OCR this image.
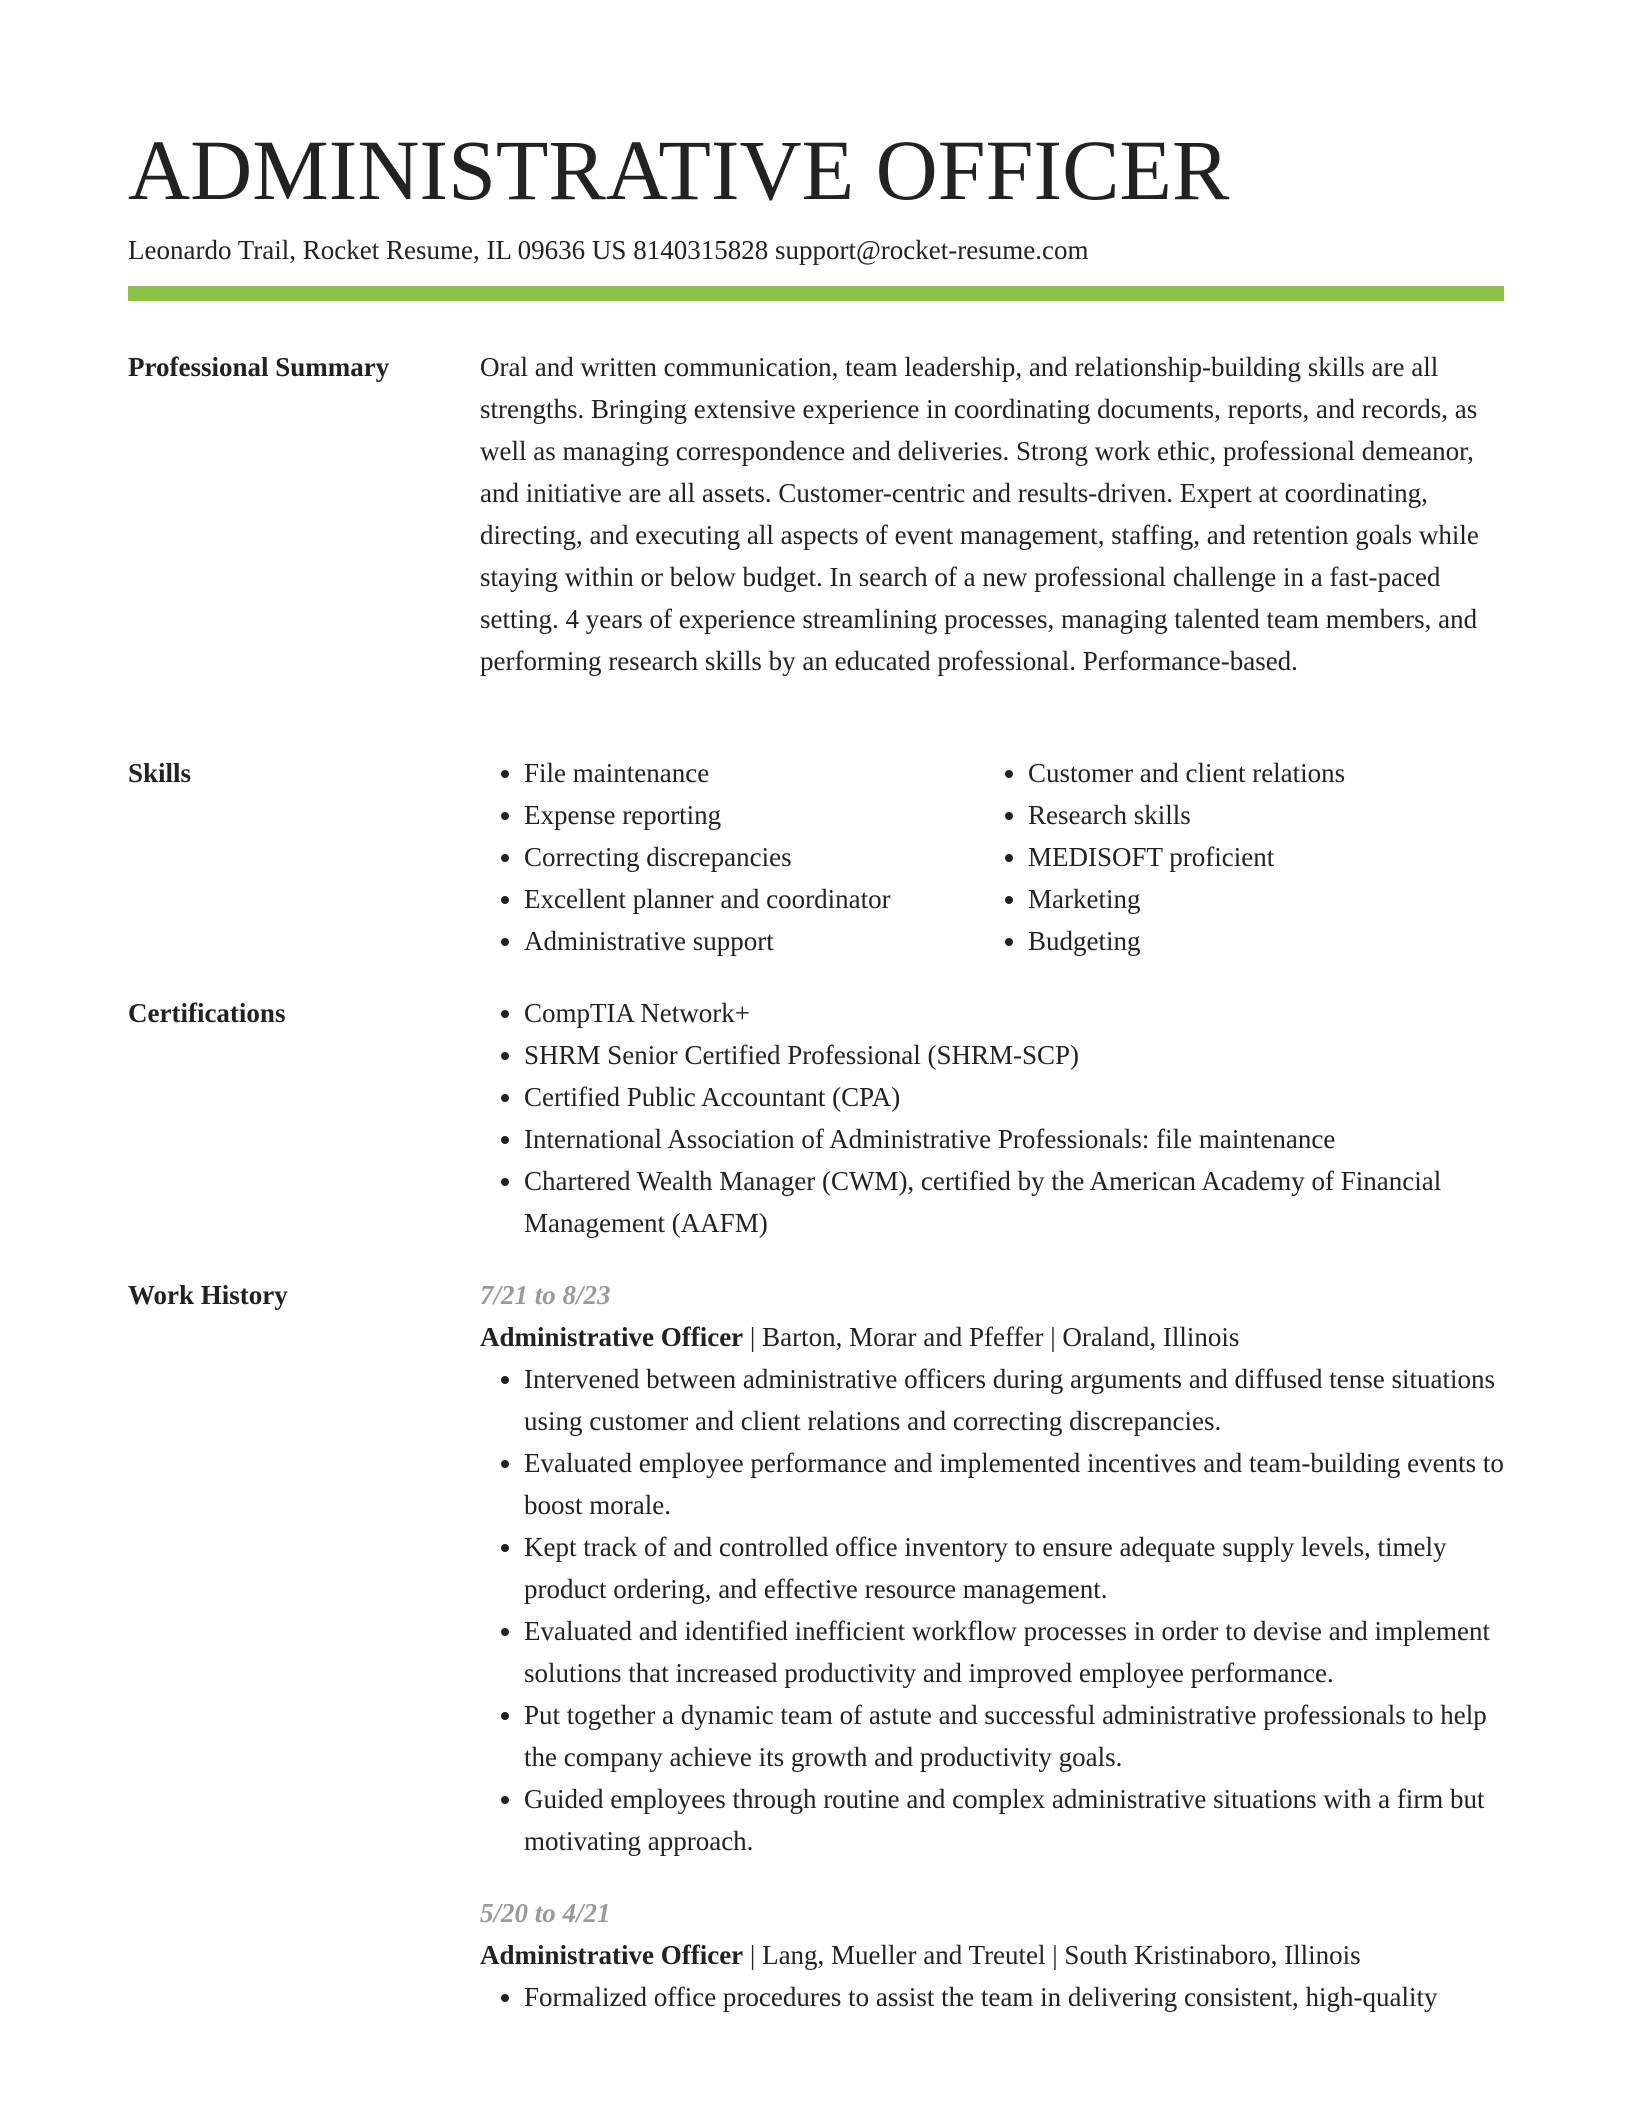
ADMINISTRATIVE OFFICER

Leonardo Trail, Rocket Resume, IL 09636 US 8140315828 support@rocket-resume.com

Professional Summary	Oral and written communication, team leadership, and relationship-building skills are all strengths. Bringing extensive experience in coordinating documents, reports, and records, as well as managing correspondence and deliveries. Strong work ethic, professional demeanor, and initiative are all assets. Customer-centric and results-driven. Expert at coordinating, directing, and executing all aspects of event management, staffing, and retention goals while staying within or below budget. In search of a new professional challenge in a fast-paced setting. 4 years of experience streamlining processes, managing talented team members, and performing research skills by an educated professional. Performance-based.

Skills	• File maintenance
• Expense reporting
• Correcting discrepancies
• Excellent planner and coordinator
• Administrative support
• Customer and client relations
• Research skills
• MEDISOFT proficient
• Marketing
• Budgeting
Certifications	• CompTIA Network+
• SHRM Senior Certified Professional (SHRM-SCP)
• Certified Public Accountant (CPA)
• International Association of Administrative Professionals: file maintenance
• Chartered Wealth Manager (CWM), certified by the American Academy of Financial Management (AAFM)
Work History	7/21 to 8/23

Administrative Officer | Barton, Morar and Pfeffer | Oraland, Illinois

• Intervened between administrative officers during arguments and diffused tense situations using customer and client relations and correcting discrepancies.
• Evaluated employee performance and implemented incentives and team-building events to boost morale.
• Kept track of and controlled office inventory to ensure adequate supply levels, timely product ordering, and effective resource management.
• Evaluated and identified inefficient workflow processes in order to devise and implement solutions that increased productivity and improved employee performance.
• Put together a dynamic team of astute and successful administrative professionals to help the company achieve its growth and productivity goals.
• Guided employees through routine and complex administrative situations with a firm but motivating approach.

5/20 to 4/21

Administrative Officer | Lang, Mueller and Treutel | South Kristinaboro, Illinois

• Formalized office procedures to assist the team in delivering consistent, high-quality
